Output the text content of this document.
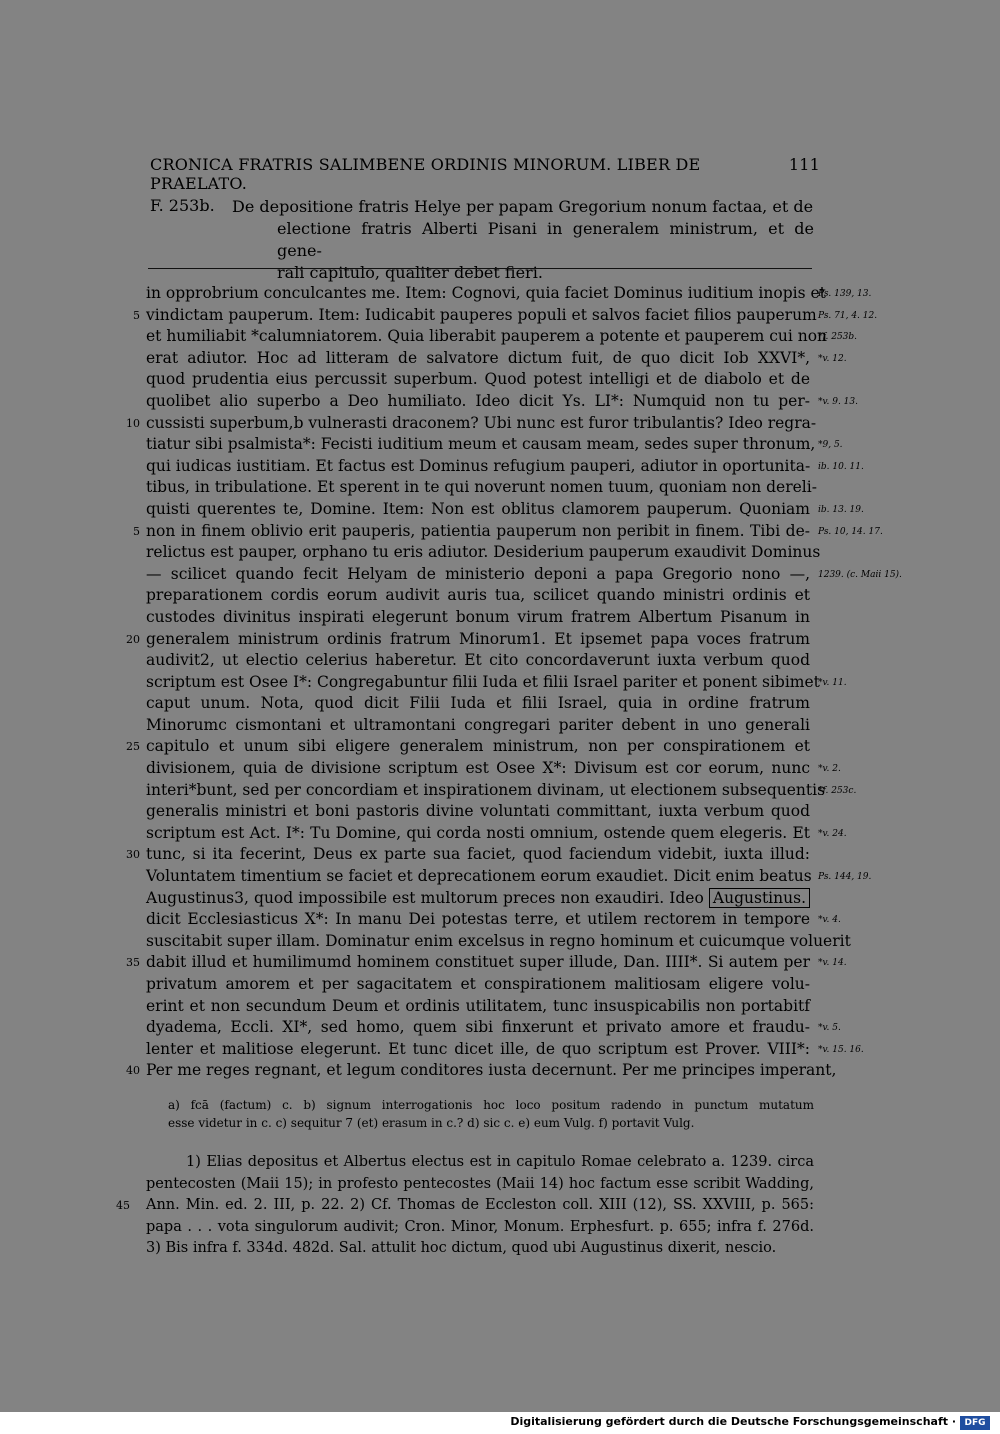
CRONICA FRATRIS SALIMBENE ORDINIS MINORUM. LIBER DE PRAELATO.
111
F. 253b. De depositione fratris Helye per papam Gregorium nonum factaa, et de
electione fratris Alberti Pisani in generalem ministrum, et de gene-
rali capitulo, qualiter debet fieri.
in opprobrium conculcantes me. Item: Cognovi, quia faciet Dominus iuditium inopis et
Ps. 139, 13.
5 vindictam pauperum. Item: Iudicabit pauperes populi et salvos faciet filios pauperum Ps. 71, 4. 12.
et humiliabit *calumniatorem. Quia liberabit pauperem a potente et pauperem cui non
*f. 253b.
erat adiutor. Hoc ad litteram de salvatore dictum fuit, de quo dicit Iob XXVI*, *v. 12.
quod prudentia eius percussit superbum. Quod potest intelligi et de diabolo et de
quolibet alio superbo a Deo humiliato. Ideo dicit Ys. LI*: Numquid non tu per- *v. 9. 13.
10 cussisti superbum,b vulnerasti draconem? Ubi nunc est furor tribulantis? Ideo regra-
tiatur sibi psalmista*: Fecisti iuditium meum et causam meam, sedes super thronum, *9, 5.
qui iudicas iustitiam. Et factus est Dominus refugium pauperi, adiutor in oportunita- ib. 10. 11.
tibus, in tribulatione. Et sperent in te qui noverunt nomen tuum, quoniam non dereli-
quisti querentes te, Domine. Item: Non est oblitus clamorem pauperum. Quoniam ib. 13. 19.
5 non in finem oblivio erit pauperis, patientia pauperum non peribit in finem. Tibi de- Ps. 10, 14. 17.
relictus est pauper, orphano tu eris adiutor. Desiderium pauperum exaudivit Dominus
— scilicet quando fecit Helyam de ministerio deponi a papa Gregorio nono —, 1239. (c. Maii 15).
preparationem cordis eorum audivit auris tua, scilicet quando ministri ordinis et
custodes divinitus inspirati elegerunt bonum virum fratrem Albertum Pisanum in
20 generalem ministrum ordinis fratrum Minorum1. Et ipsemet papa voces fratrum
audivit2, ut electio celerius haberetur. Et cito concordaverunt iuxta verbum quod
scriptum est Osee I*: Congregabuntur filii Iuda et filii Israel pariter et ponent sibimet
*v. 11.
caput unum. Nota, quod dicit Filii Iuda et filii Israel, quia in ordine fratrum
Minorumc cismontani et ultramontani congregari pariter debent in uno generali
25 capitulo et unum sibi eligere generalem ministrum, non per conspirationem et
divisionem, quia de divisione scriptum est Osee X*: Divisum est cor eorum, nunc *v. 2.
interi*bunt, sed per concordiam et inspirationem divinam, ut electionem subsequentis
*f. 253c.
generalis ministri et boni pastoris divine voluntati committant, iuxta verbum quod
scriptum est Act. I*: Tu Domine, qui corda nosti omnium, ostende quem elegeris. Et *v. 24.
30 tunc, si ita fecerint, Deus ex parte sua faciet, quod faciendum videbit, iuxta illud:
Voluntatem timentium se faciet et deprecationem eorum exaudiet. Dicit enim beatus Ps. 144, 19.
Augustinus3, quod impossibile est multorum preces non exaudiri. Ideo Augustinus.
dicit Ecclesiasticus X*: In manu Dei potestas terre, et utilem rectorem in tempore *v. 4.
suscitabit super illam. Dominatur enim excelsus in regno hominum et cuicumque voluerit
35 dabit illud et humilimumd hominem constituet super illude, Dan. IIII*. Si autem per *v. 14.
privatum amorem et per sagacitatem et conspirationem malitiosam eligere volu-
erint et non secundum Deum et ordinis utilitatem, tunc insuspicabilis non portabitf
dyadema, Eccli. XI*, sed homo, quem sibi finxerunt et privato amore et fraudu- *v. 5.
lenter et malitiose elegerunt. Et tunc dicet ille, de quo scriptum est Prover. VIII*: *v. 15. 16.
40 Per me reges regnant, et legum conditores iusta decernunt. Per me principes imperant,
a) fcā (factum) c. b) signum interrogationis hoc loco positum radendo in punctum mutatum
esse videtur in c. c) sequitur 7 (et) erasum in c.? d) sic c. e) eum Vulg. f) portavit Vulg.
1) Elias depositus et Albertus electus est in capitulo Romae celebrato a. 1239. circa
pentecosten (Maii 15); in profesto pentecostes (Maii 14) hoc factum esse scribit Wadding,
45 Ann. Min. ed. 2. III, p. 22. 2) Cf. Thomas de Eccleston coll. XIII (12), SS. XXVIII, p. 565:
papa . . . vota singulorum audivit; Cron. Minor, Monum. Erphesfurt. p. 655; infra f. 276d.
3) Bis infra f. 334d. 482d. Sal. attulit hoc dictum, quod ubi Augustinus dixerit, nescio.
Digitalisierung gefördert durch die Deutsche Forschungsgemeinschaft · DFG
